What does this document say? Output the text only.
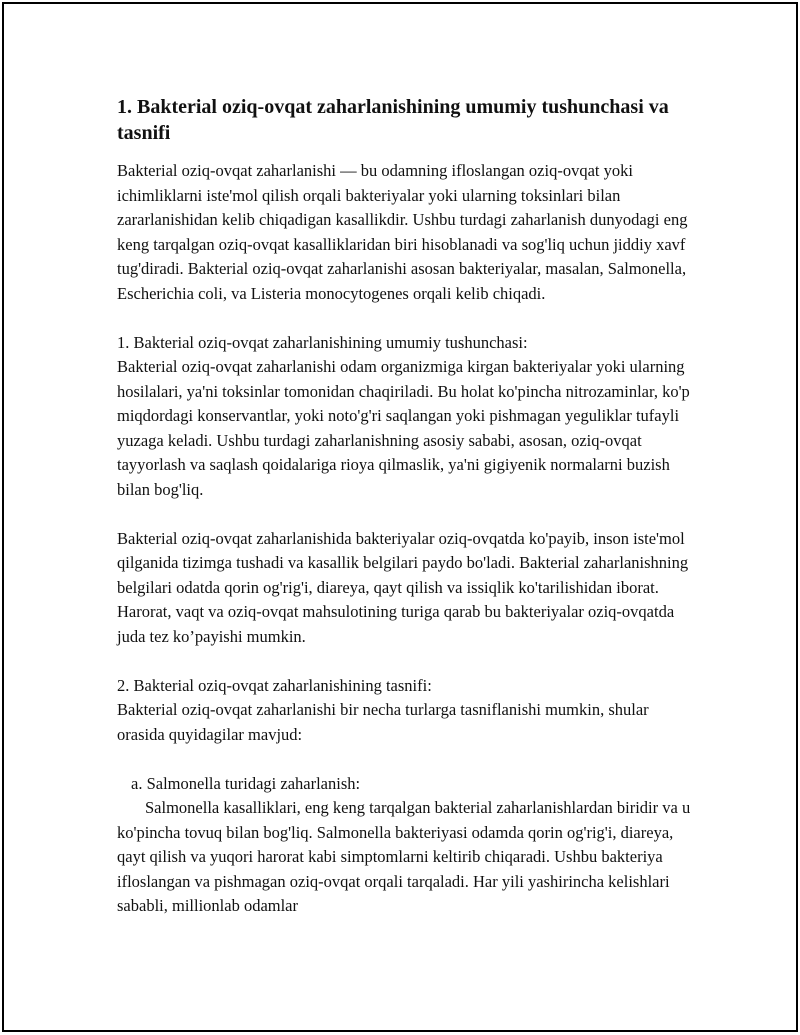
1. Bakterial oziq-ovqat zaharlanishining umumiy tushunchasi va tasnifi

Bakterial oziq-ovqat zaharlanishi — bu odamning ifloslangan oziq-ovqat yoki ichimliklarni iste'mol qilish orqali bakteriyalar yoki ularning toksinlari bilan zararlanishidan kelib chiqadigan kasallikdir. Ushbu turdagi zaharlanish dunyodagi eng keng tarqalgan oziq-ovqat kasalliklaridan biri hisoblanadi va sog'liq uchun jiddiy xavf tug'diradi. Bakterial oziq-ovqat zaharlanishi asosan bakteriyalar, masalan, Salmonella, Escherichia coli, va Listeria monocytogenes orqali kelib chiqadi.

1. Bakterial oziq-ovqat zaharlanishining umumiy tushunchasi:

Bakterial oziq-ovqat zaharlanishi odam organizmiga kirgan bakteriyalar yoki ularning hosilalari, ya'ni toksinlar tomonidan chaqiriladi. Bu holat ko'pincha nitrozaminlar, ko'p miqdordagi konservantlar, yoki noto'g'ri saqlangan yoki pishmagan yeguliklar tufayli yuzaga keladi. Ushbu turdagi zaharlanishning asosiy sababi, asosan, oziq-ovqat tayyorlash va saqlash qoidalariga rioya qilmaslik, ya'ni gigiyenik normalarni buzish bilan bog'liq.

Bakterial oziq-ovqat zaharlanishida bakteriyalar oziq-ovqatda ko'payib, inson iste'mol qilganida tizimga tushadi va kasallik belgilari paydo bo'ladi. Bakterial zaharlanishning belgilari odatda qorin og'rig'i, diareya, qayt qilish va issiqlik ko'tarilishidan iborat. Harorat, vaqt va oziq-ovqat mahsulotining turiga qarab bu bakteriyalar oziq-ovqatda juda tez ko’payishi mumkin.

2. Bakterial oziq-ovqat zaharlanishining tasnifi:

Bakterial oziq-ovqat zaharlanishi bir necha turlarga tasniflanishi mumkin, shular orasida quyidagilar mavjud:

a. Salmonella turidagi zaharlanish:

Salmonella kasalliklari, eng keng tarqalgan bakterial zaharlanishlardan biridir va u ko'pincha tovuq bilan bog'liq. Salmonella bakteriyasi odamda qorin og'rig'i, diareya, qayt qilish va yuqori harorat kabi simptomlarni keltirib chiqaradi. Ushbu bakteriya ifloslangan va pishmagan oziq-ovqat orqali tarqaladi. Har yili yashirincha kelishlari sababli, millionlab odamlar
